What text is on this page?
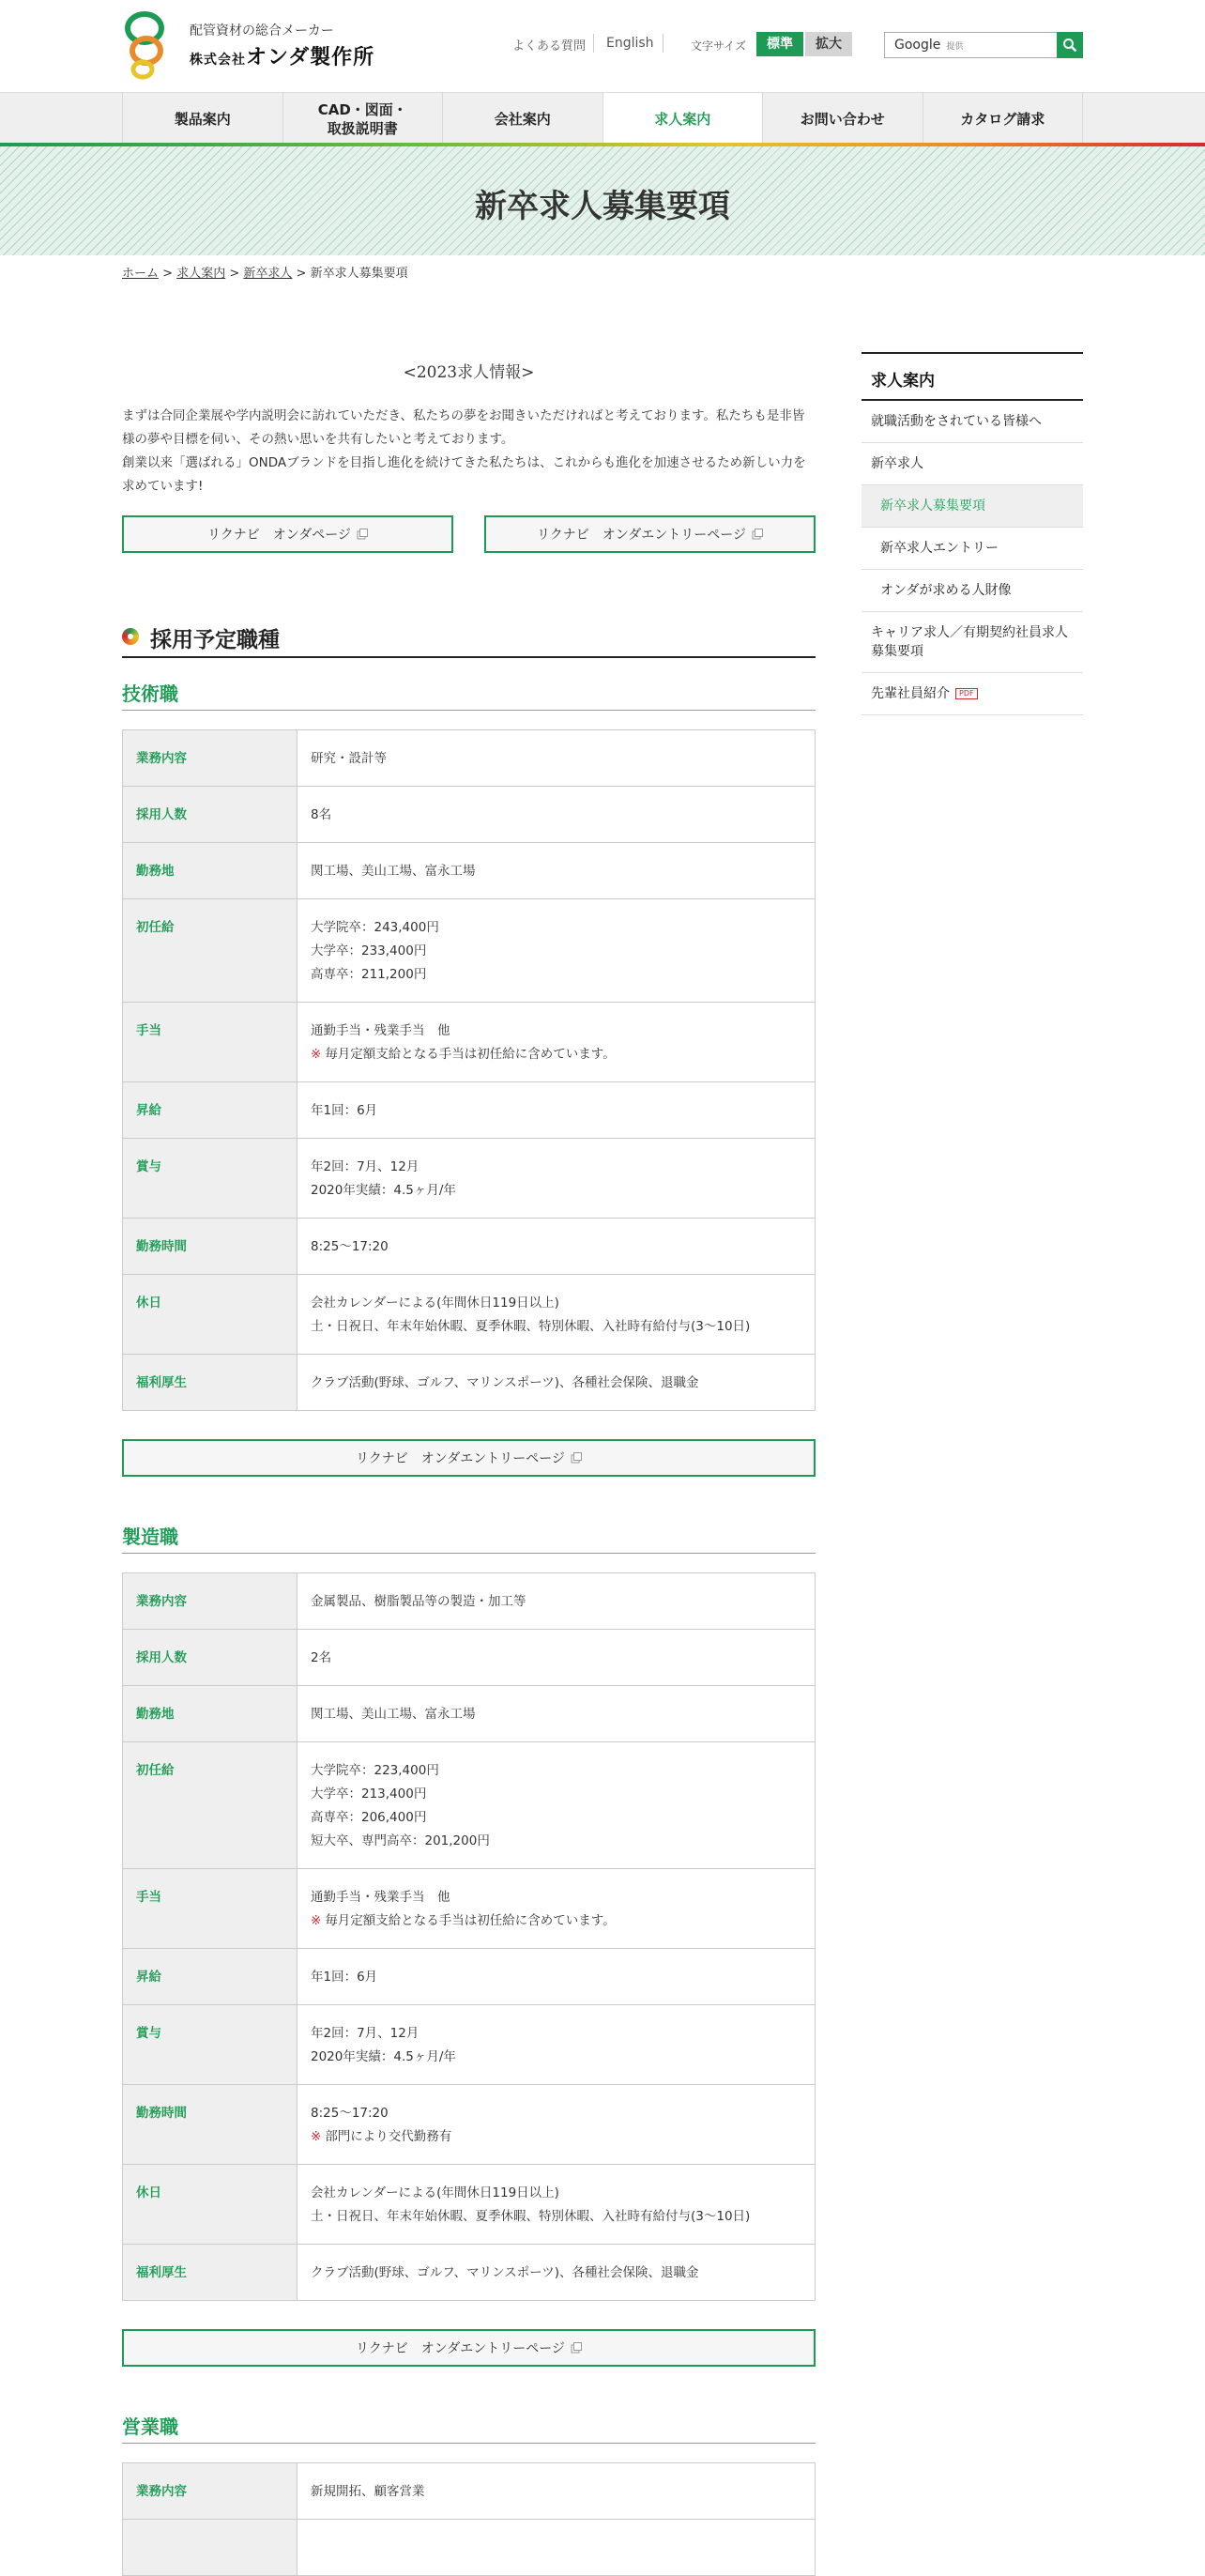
配管資材の総合メーカー
株式会社オンダ製作所	よくある質問 English	文字サイズ	標準	拡大	Google 提供
製品案内
CAD・図面・
取扱説明書
会社案内	求人案内	お問い合わせ	カタログ請求
新卒求人募集要項
ホーム > 求人案内 > 新卒求人 > 新卒求人募集要項
<2023求人情報>

まずは合同企業展や学内説明会に訪れていただき、私たちの夢をお聞きいただければと考えております。私たちも是非皆様の夢や目標を伺い、その熱い思いを共有したいと考えております。

創業以来「選ばれる」ONDAブランドを目指し進化を続けてきた私たちは、これからも進化を加速させるため新しい力を求めています!

リクナビ　オンダページ	リクナビ　オンダエントリーページ
採用予定職種
技術職
業務内容	研究・設計等

採用人数	8名

勤務地	関工場、美山工場、富永工場

初任給	大学院卒：243,400円
大学卒：233,400円
高専卒：211,200円

手当	通勤手当・残業手当　他
※ 毎月定額支給となる手当は初任給に含めています。

昇給	年1回：6月

賞与	年2回：7月、12月
2020年実績：4.5ヶ月/年

勤務時間	8:25～17:20

休日	会社カレンダーによる(年間休日119日以上)
土・日祝日、年末年始休暇、夏季休暇、特別休暇、入社時有給付与(3～10日)

福利厚生	クラブ活動(野球、ゴルフ、マリンスポーツ)、各種社会保険、退職金
リクナビ　オンダエントリーページ
製造職
業務内容	金属製品、樹脂製品等の製造・加工等

採用人数	2名

勤務地	関工場、美山工場、富永工場

初任給	大学院卒：223,400円
大学卒：213,400円
高専卒：206,400円
短大卒、専門高卒：201,200円

手当	通勤手当・残業手当　他
※ 毎月定額支給となる手当は初任給に含めています。

昇給	年1回：6月

賞与	年2回：7月、12月
2020年実績：4.5ヶ月/年

勤務時間	8:25～17:20
※ 部門により交代勤務有

休日	会社カレンダーによる(年間休日119日以上)
土・日祝日、年末年始休暇、夏季休暇、特別休暇、入社時有給付与(3～10日)

福利厚生	クラブ活動(野球、ゴルフ、マリンスポーツ)、各種社会保険、退職金
リクナビ　オンダエントリーページ
営業職
業務内容	新規開拓、顧客営業

求人案内
就職活動をされている皆様へ
新卒求人
新卒求人募集要項
新卒求人エントリー
オンダが求める人財像
キャリア求人／有期契約社員求人募集要項
先輩社員紹介 PDF
